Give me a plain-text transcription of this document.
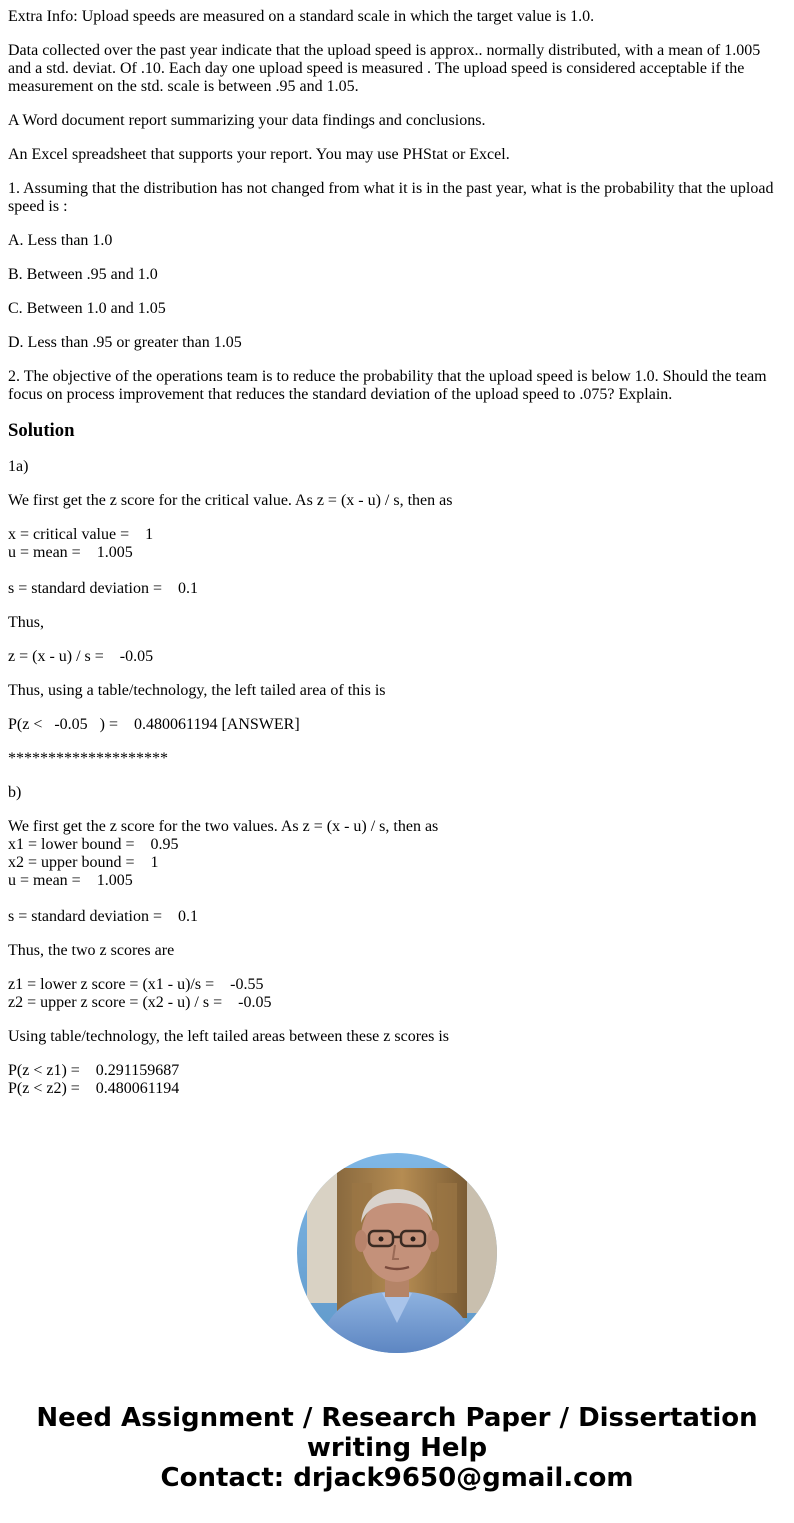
Extra Info: Upload speeds are measured on a standard scale in which the target value is 1.0.

Data collected over the past year indicate that the upload speed is approx.. normally distributed, with a mean of 1.005 and a std. deviat. Of .10. Each day one upload speed is measured . The upload speed is considered acceptable if the measurement on the std. scale is between .95 and 1.05.

A Word document report summarizing your data findings and conclusions.

An Excel spreadsheet that supports your report. You may use PHStat or Excel.

1. Assuming that the distribution has not changed from what it is in the past year, what is the probability that the upload speed is :

A. Less than 1.0

B. Between .95 and 1.0

C. Between 1.0 and 1.05

D. Less than .95 or greater than 1.05

2. The objective of the operations team is to reduce the probability that the upload speed is below 1.0. Should the team focus on process improvement that reduces the standard deviation of the upload speed to .075? Explain.

Solution

1a)

We first get the z score for the critical value. As z = (x - u) / s, then as

x = critical value =    1

u = mean =    1.005

s = standard deviation =    0.1

Thus,

z = (x - u) / s =    -0.05

Thus, using a table/technology, the left tailed area of this is

P(z <   -0.05   ) =    0.480061194 [ANSWER]

********************

b)

We first get the z score for the two values. As z = (x - u) / s, then as

x1 = lower bound =    0.95

x2 = upper bound =    1

u = mean =    1.005

s = standard deviation =    0.1

Thus, the two z scores are

z1 = lower z score = (x1 - u)/s =    -0.55

z2 = upper z score = (x2 - u) / s =    -0.05

Using table/technology, the left tailed areas between these z scores is

P(z < z1) =    0.291159687

P(z < z2) =    0.480061194

Need Assignment / Research Paper / Dissertation
writing Help
Contact: drjack9650@gmail.com
